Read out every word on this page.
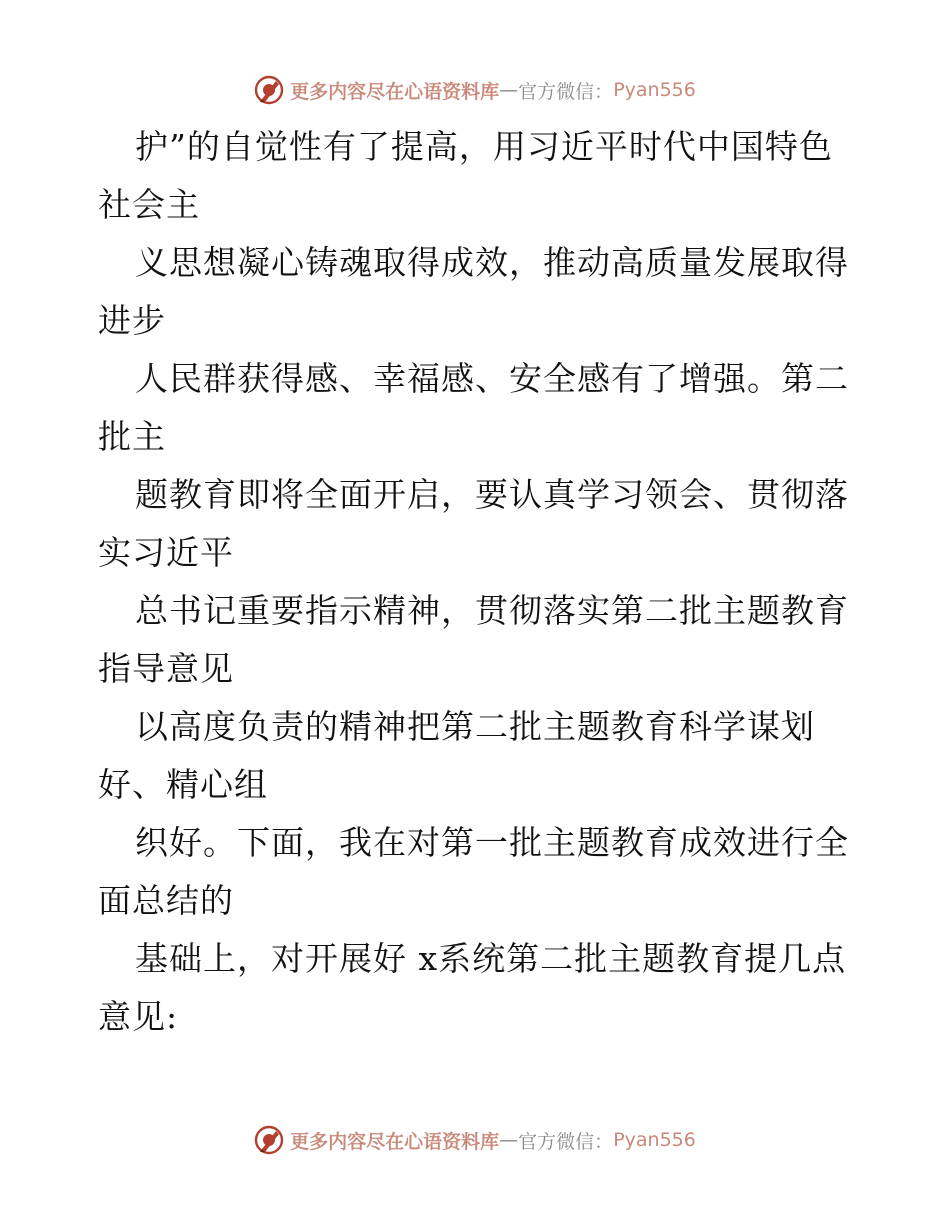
更多内容尽在心语资料库 — 官方微信： Pyan556

护”的自觉性有了提高，用习近平时代中国特色社会主

义思想凝心铸魂取得成效，推动高质量发展取得进步

人民群获得感、幸福感、安全感有了增强。第二批主

题教育即将全面开启，要认真学习领会、贯彻落实习近平

总书记重要指示精神，贯彻落实第二批主题教育指导意见

以高度负责的精神把第二批主题教育科学谋划好、精心组

织好。下面，我在对第一批主题教育成效进行全面总结的

基础上，对开展好 x系统第二批主题教育提几点意见:

更多内容尽在心语资料库 — 官方微信： Pyan556
